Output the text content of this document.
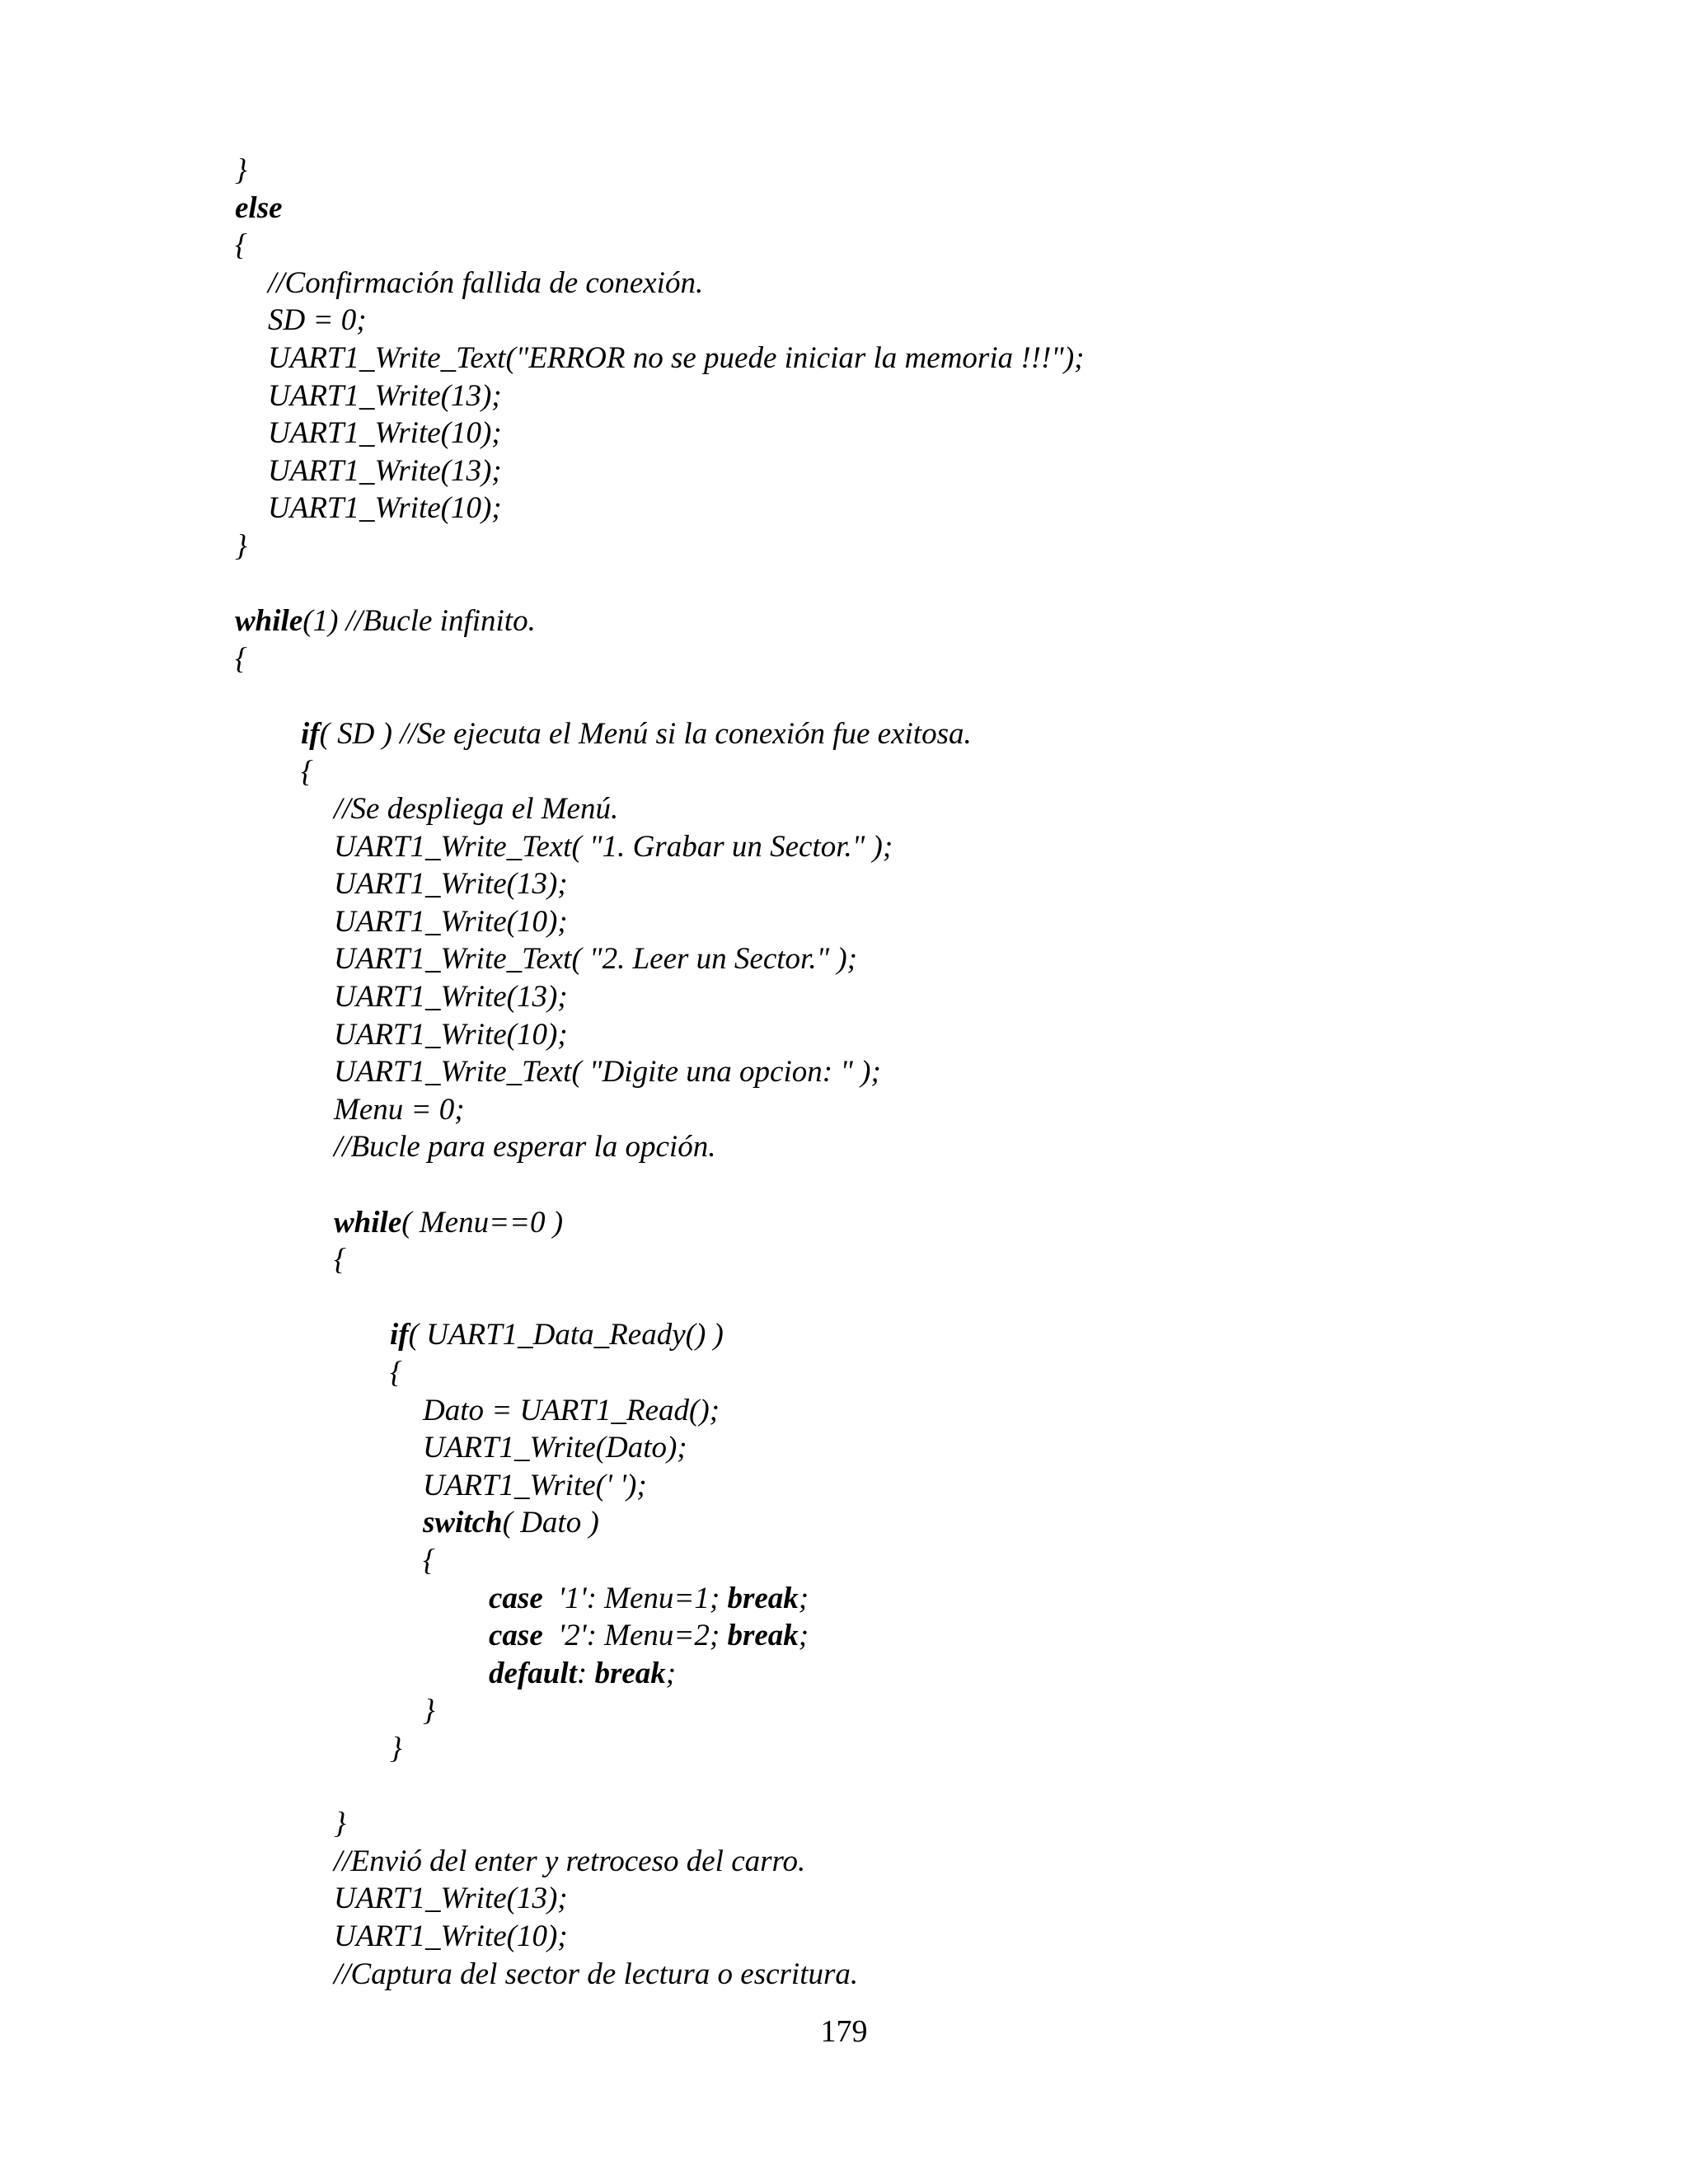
}
else
{
//Confirmación fallida de conexión.
SD = 0;
UART1_Write_Text("ERROR no se puede iniciar la memoria !!!");
UART1_Write(13);
UART1_Write(10);
UART1_Write(13);
UART1_Write(10);
}
while(1) //Bucle infinito.
{
if( SD ) //Se ejecuta el Menú si la conexión fue exitosa.
{
//Se despliega el Menú.
UART1_Write_Text( "1. Grabar un Sector." );
UART1_Write(13);
UART1_Write(10);
UART1_Write_Text( "2. Leer un Sector." );
UART1_Write(13);
UART1_Write(10);
UART1_Write_Text( "Digite una opcion: " );
Menu = 0;
//Bucle para esperar la opción.
while( Menu==0 )
{
if( UART1_Data_Ready() )
{
Dato = UART1_Read();
UART1_Write(Dato);
UART1_Write(' ');
switch( Dato )
{
case  '1': Menu=1; break;
case  '2': Menu=2; break;
default: break;
}
}
}
//Envió del enter y retroceso del carro.
UART1_Write(13);
UART1_Write(10);
//Captura del sector de lectura o escritura.
179
